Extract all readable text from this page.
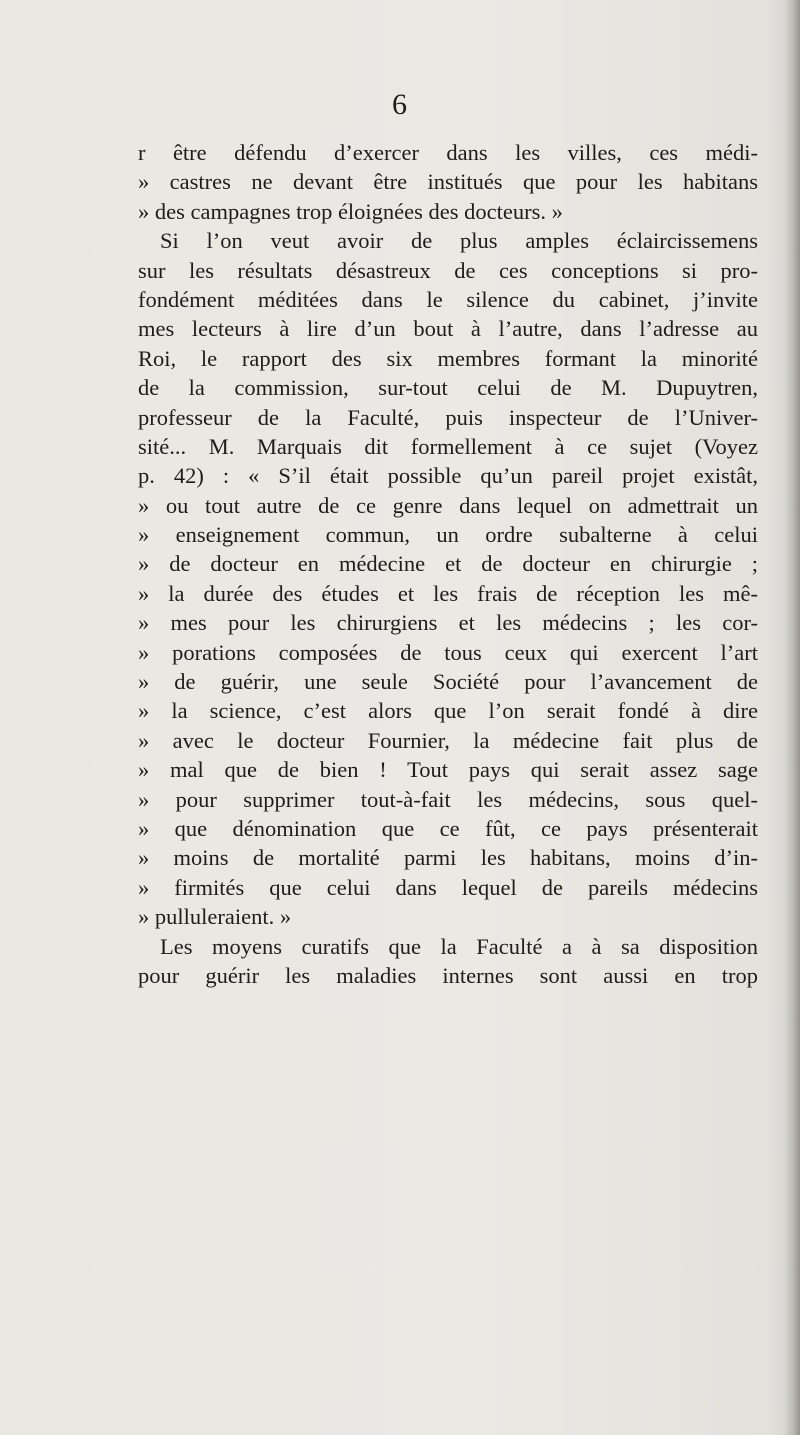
6
r être défendu d’exercer dans les villes, ces médi-
» castres ne devant être institués que pour les habitans
» des campagnes trop éloignées des docteurs. »
Si l’on veut avoir de plus amples éclaircissemens
sur les résultats désastreux de ces conceptions si pro-
fondément méditées dans le silence du cabinet, j’invite
mes lecteurs à lire d’un bout à l’autre, dans l’adresse au
Roi, le rapport des six membres formant la minorité
de la commission, sur-tout celui de M. Dupuytren,
professeur de la Faculté, puis inspecteur de l’Univer-
sité... M. Marquais dit formellement à ce sujet (Voyez
p. 42) : « S’il était possible qu’un pareil projet existât,
» ou tout autre de ce genre dans lequel on admettrait un
» enseignement commun, un ordre subalterne à celui
» de docteur en médecine et de docteur en chirurgie ;
» la durée des études et les frais de réception les mê-
» mes pour les chirurgiens et les médecins ; les cor-
» porations composées de tous ceux qui exercent l’art
» de guérir, une seule Société pour l’avancement de
» la science, c’est alors que l’on serait fondé à dire
» avec le docteur Fournier, la médecine fait plus de
» mal que de bien ! Tout pays qui serait assez sage
» pour supprimer tout-à-fait les médecins, sous quel-
» que dénomination que ce fût, ce pays présenterait
» moins de mortalité parmi les habitans, moins d’in-
» firmités que celui dans lequel de pareils médecins
» pulluleraient. »
Les moyens curatifs que la Faculté a à sa disposition
pour guérir les maladies internes sont aussi en trop
